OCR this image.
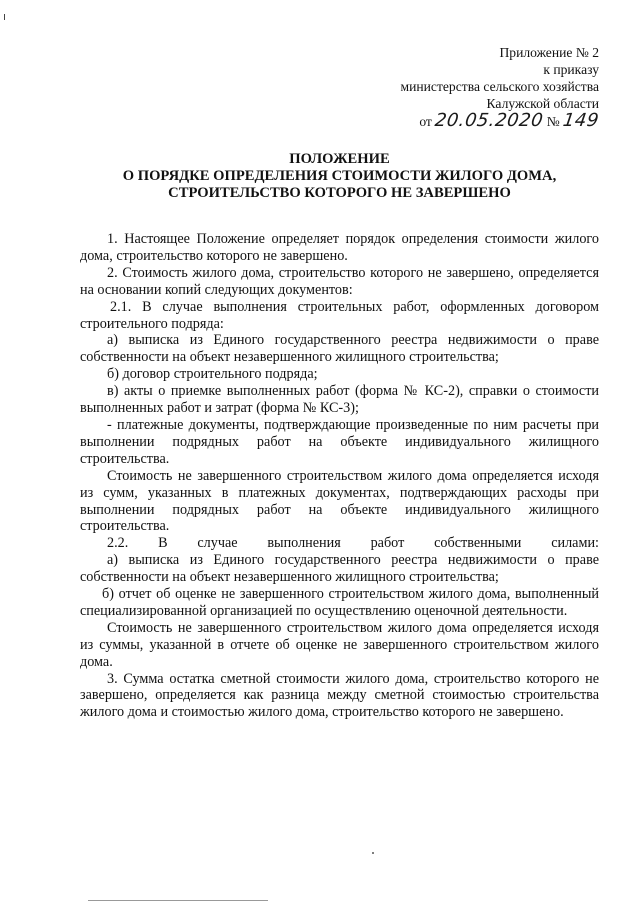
Приложение № 2
к приказу
министерства сельского хозяйства
Калужской области
от 20.05.2020 № 149
ПОЛОЖЕНИЕ
О ПОРЯДКЕ ОПРЕДЕЛЕНИЯ СТОИМОСТИ ЖИЛОГО ДОМА,
СТРОИТЕЛЬСТВО КОТОРОГО НЕ ЗАВЕРШЕНО

1. Настоящее Положение определяет порядок определения стоимости жилого дома, строительство которого не завершено.

2. Стоимость жилого дома, строительство которого не завершено, определяется на основании копий следующих документов:

2.1. В случае выполнения строительных работ, оформленных договором строительного подряда:

а) выписка из Единого государственного реестра недвижимости о праве собственности на объект незавершенного жилищного строительства;

б) договор строительного подряда;

в) акты о приемке выполненных работ (форма № КС-2), справки о стоимости выполненных работ и затрат (форма № КС-3);

- платежные документы, подтверждающие произведенные по ним расчеты при выполнении подрядных работ на объекте индивидуального жилищного строительства.

Стоимость не завершенного строительством жилого дома определяется исходя из сумм, указанных в платежных документах, подтверждающих расходы при выполнении подрядных работ на объекте индивидуального жилищного строительства.

2.2. В случае выполнения работ собственными силами:

а) выписка из Единого государственного реестра недвижимости о праве собственности на объект незавершенного жилищного строительства;

б) отчет об оценке не завершенного строительством жилого дома, выполненный специализированной организацией по осуществлению оценочной деятельности.

Стоимость не завершенного строительством жилого дома определяется исходя из суммы, указанной в отчете об оценке не завершенного строительством жилого дома.

3. Сумма остатка сметной стоимости жилого дома, строительство которого не завершено, определяется как разница между сметной стоимостью строительства жилого дома и стоимостью жилого дома, строительство которого не завершено.
